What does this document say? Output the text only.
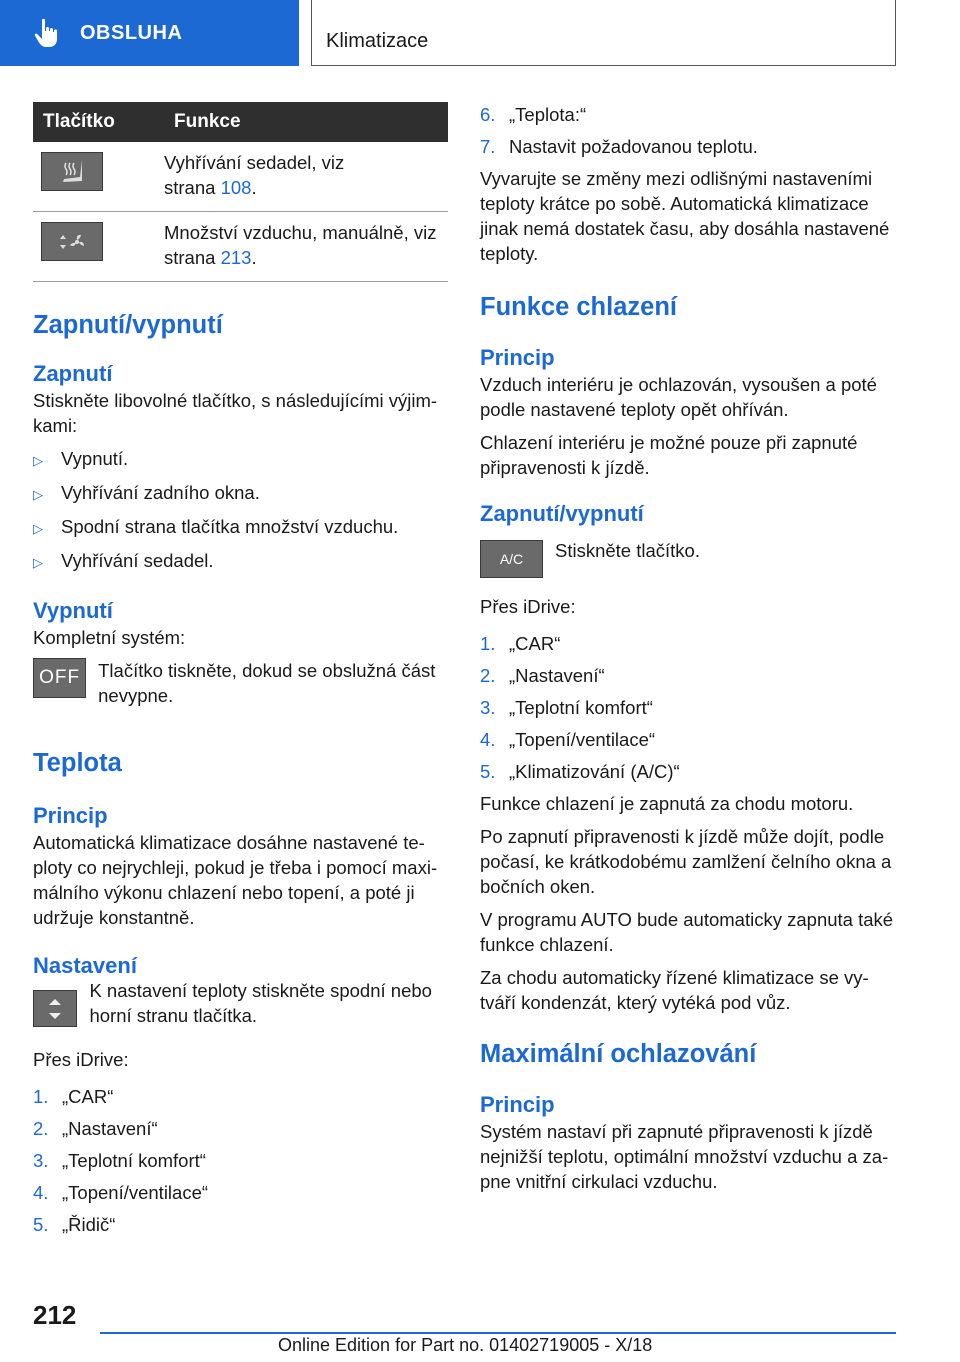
OBSLUHA	Klimatizace
Tlačítko	Funkce

	Vyhřívání sedadel, viz
strana 108.

	Množství vzduchu, manuálně, viz
strana 213.
Zapnutí/vypnutí
Zapnutí

Stiskněte libovolné tlačítko, s následujícími výjim-kami:

▷ Vypnutí.
▷ Vyhřívání zadního okna.
▷ Spodní strana tlačítka množství vzduchu.
▷ Vyhřívání sedadel.
Vypnutí

Kompletní systém:

OFF Tlačítko tiskněte, dokud se obslužná část nevypne.
Teplota
Princip

Automatická klimatizace dosáhne nastavené te-ploty co nejrychleji, pokud je třeba i pomocí maxi-málního výkonu chlazení nebo topení, a poté ji udržuje konstantně.

Nastavení
K nastavení teploty stiskněte spodní nebo horní stranu tlačítka.

Přes iDrive:

1. „CAR“
2. „Nastavení“
3. „Teplotní komfort“
4. „Topení/ventilace“
5. „Řidič“
6. „Teplota:“
7. Nastavit požadovanou teplotu.

Vyvarujte se změny mezi odlišnými nastaveními teploty krátce po sobě. Automatická klimatizace jinak nemá dostatek času, aby dosáhla nastavené teploty.

Funkce chlazení
Princip

Vzduch interiéru je ochlazován, vysoušen a poté podle nastavené teploty opět ohříván.

Chlazení interiéru je možné pouze při zapnuté připravenosti k jízdě.

Zapnutí/vypnutí
A/C	Stiskněte tlačítko.

Přes iDrive:

1. „CAR“
2. „Nastavení“
3. „Teplotní komfort“
4. „Topení/ventilace“
5. „Klimatizování (A/C)“

Funkce chlazení je zapnutá za chodu motoru.

Po zapnutí připravenosti k jízdě může dojít, podle počasí, ke krátkodobému zamlžení čelního okna a bočních oken.

V programu AUTO bude automaticky zapnuta také funkce chlazení.

Za chodu automaticky řízené klimatizace se vy-tváří kondenzát, který vytéká pod vůz.

Maximální ochlazování
Princip

Systém nastaví při zapnuté připravenosti k jízdě nejnižší teplotu, optimální množství vzduchu a za-pne vnitřní cirkulaci vzduchu.

212
Online Edition for Part no. 01402719005 - X/18
